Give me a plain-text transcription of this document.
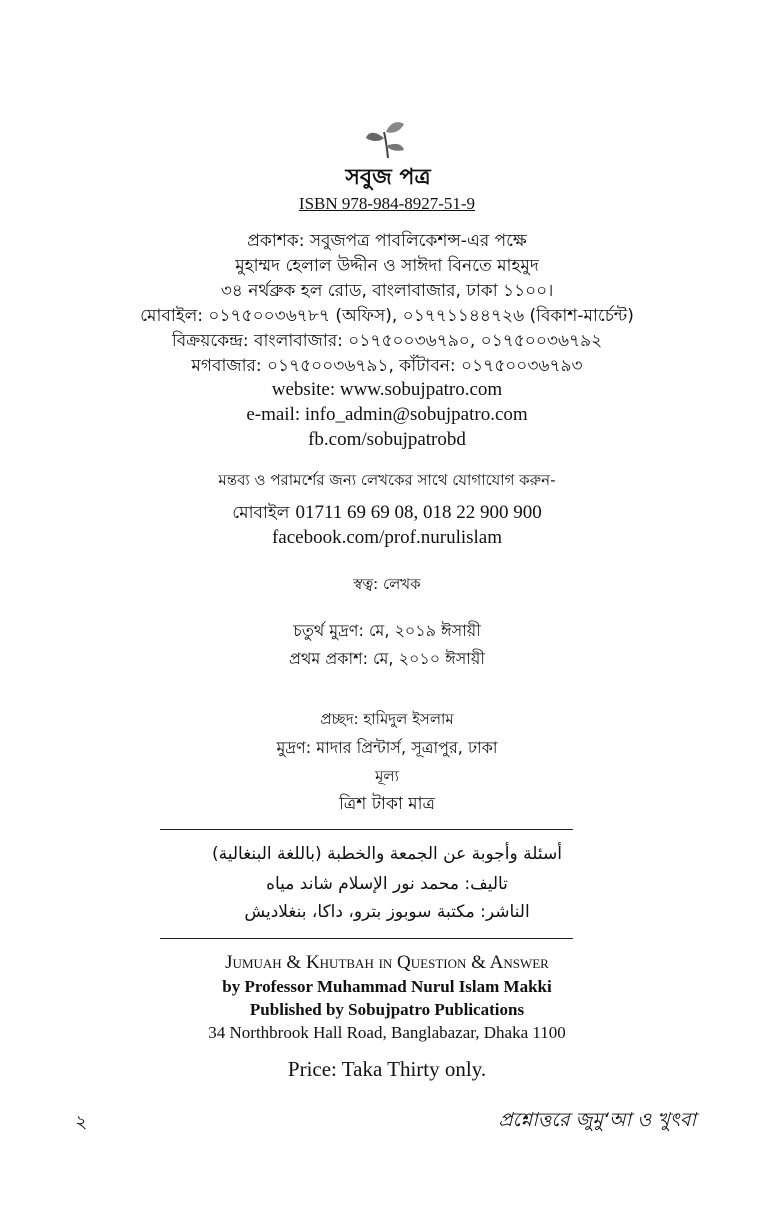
সবুজ পত্র
ISBN 978-984-8927-51-9
প্রকাশক: সবুজপত্র পাবলিকেশন্স-এর পক্ষে
মুহাম্মদ হেলাল উদ্দীন ও সাঈদা বিনতে মাহমুদ
৩৪ নর্থব্রুক হল রোড, বাংলাবাজার, ঢাকা ১১০০।
মোবাইল: ০১৭৫০০৩৬৭৮৭ (অফিস), ০১৭৭১১৪৪৭২৬ (বিকাশ-মার্চেন্ট)
বিক্রয়কেন্দ্র: বাংলাবাজার: ০১৭৫০০৩৬৭৯০, ০১৭৫০০৩৬৭৯২
মগবাজার: ০১৭৫০০৩৬৭৯১, কাঁটাবন: ০১৭৫০০৩৬৭৯৩
website: www.sobujpatro.com
e-mail: info_admin@sobujpatro.com
fb.com/sobujpatrobd
মন্তব্য ও পরামর্শের জন্য লেখকের সাথে যোগাযোগ করুন-
মোবাইল 01711 69 69 08, 018 22 900 900
facebook.com/prof.nurulislam
স্বত্ব: লেখক
চতুর্থ মুদ্রণ: মে, ২০১৯ ঈসায়ী
প্রথম প্রকাশ: মে, ২০১০ ঈসায়ী
প্রচ্ছদ: হামিদুল ইসলাম
মুদ্রণ: মাদার প্রিন্টার্স, সূত্রাপুর, ঢাকা
মূল্য
ত্রিশ টাকা মাত্র
أسئلة وأجوبة عن الجمعة والخطبة (باللغة البنغالية)
تاليف: محمد نور الإسلام شاند مياه
الناشر: مكتبة سوبوز بترو، داكا، بنغلاديش
Jumuah & Khutbah in Question & Answer
by Professor Muhammad Nurul Islam Makki
Published by Sobujpatro Publications
34 Northbrook Hall Road, Banglabazar, Dhaka 1100
Price: Taka Thirty only.
২	প্রশ্নোত্তরে জুমু‘আ ও খুৎবা
